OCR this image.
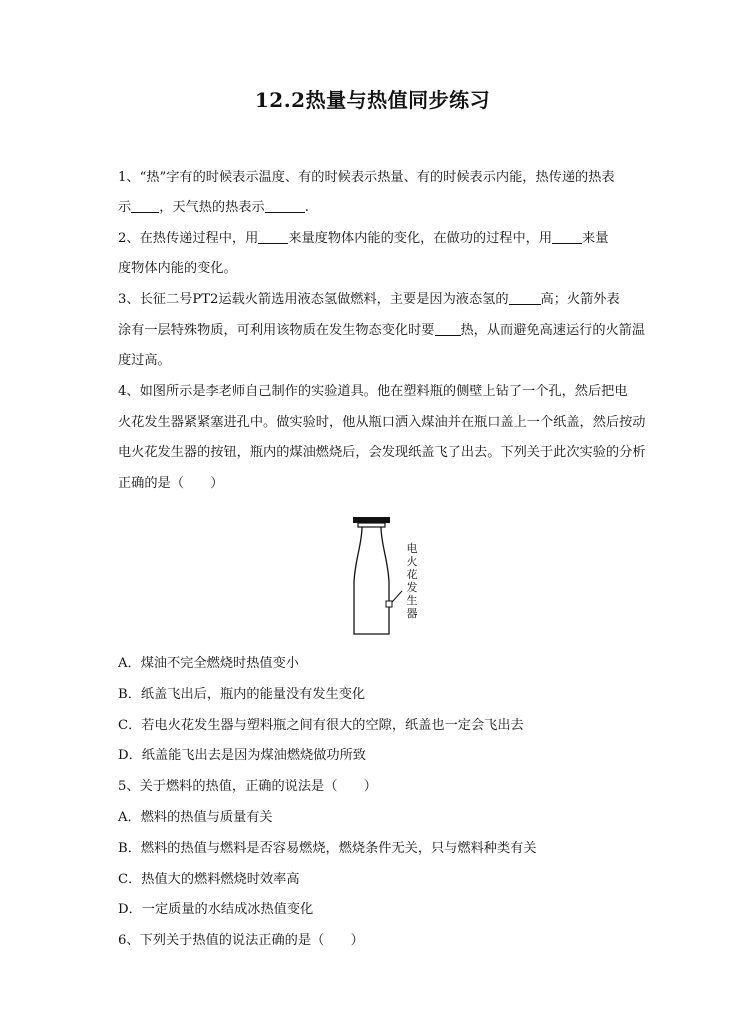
12.2热量与热值同步练习
1、“热”字有的时候表示温度、有的时候表示热量、有的时候表示内能，热传递的热表
示 ，天气热的热表示	.
2、在热传递过程中，用 来量度物体内能的变化，在做功的过程中，用 来量
度物体内能的变化。
3、长征二号PT2运载火箭选用液态氢做燃料，主要是因为液态氢的 高；火箭外表
涂有一层特殊物质，可利用该物质在发生物态变化时要 热，从而避免高速运行的火箭温
度过高。
4、如图所示是李老师自己制作的实验道具。他在塑料瓶的侧壁上钻了一个孔，然后把电
火花发生器紧紧塞进孔中。做实验时，他从瓶口洒入煤油并在瓶口盖上一个纸盖，然后按动
电火花发生器的按钮，瓶内的煤油燃烧后，会发现纸盖飞了出去。下列关于此次实验的分析
正确的是（　　）
电
火
花
发
生
器
A．煤油不完全燃烧时热值变小
B．纸盖飞出后，瓶内的能量没有发生变化
C．若电火花发生器与塑料瓶之间有很大的空隙，纸盖也一定会飞出去
D．纸盖能飞出去是因为煤油燃烧做功所致
5、关于燃料的热值，正确的说法是（　　）
A．燃料的热值与质量有关
B．燃料的热值与燃料是否容易燃烧，燃烧条件无关，只与燃料种类有关
C．热值大的燃料燃烧时效率高
D．一定质量的水结成冰热值变化
6、下列关于热值的说法正确的是（　　）
